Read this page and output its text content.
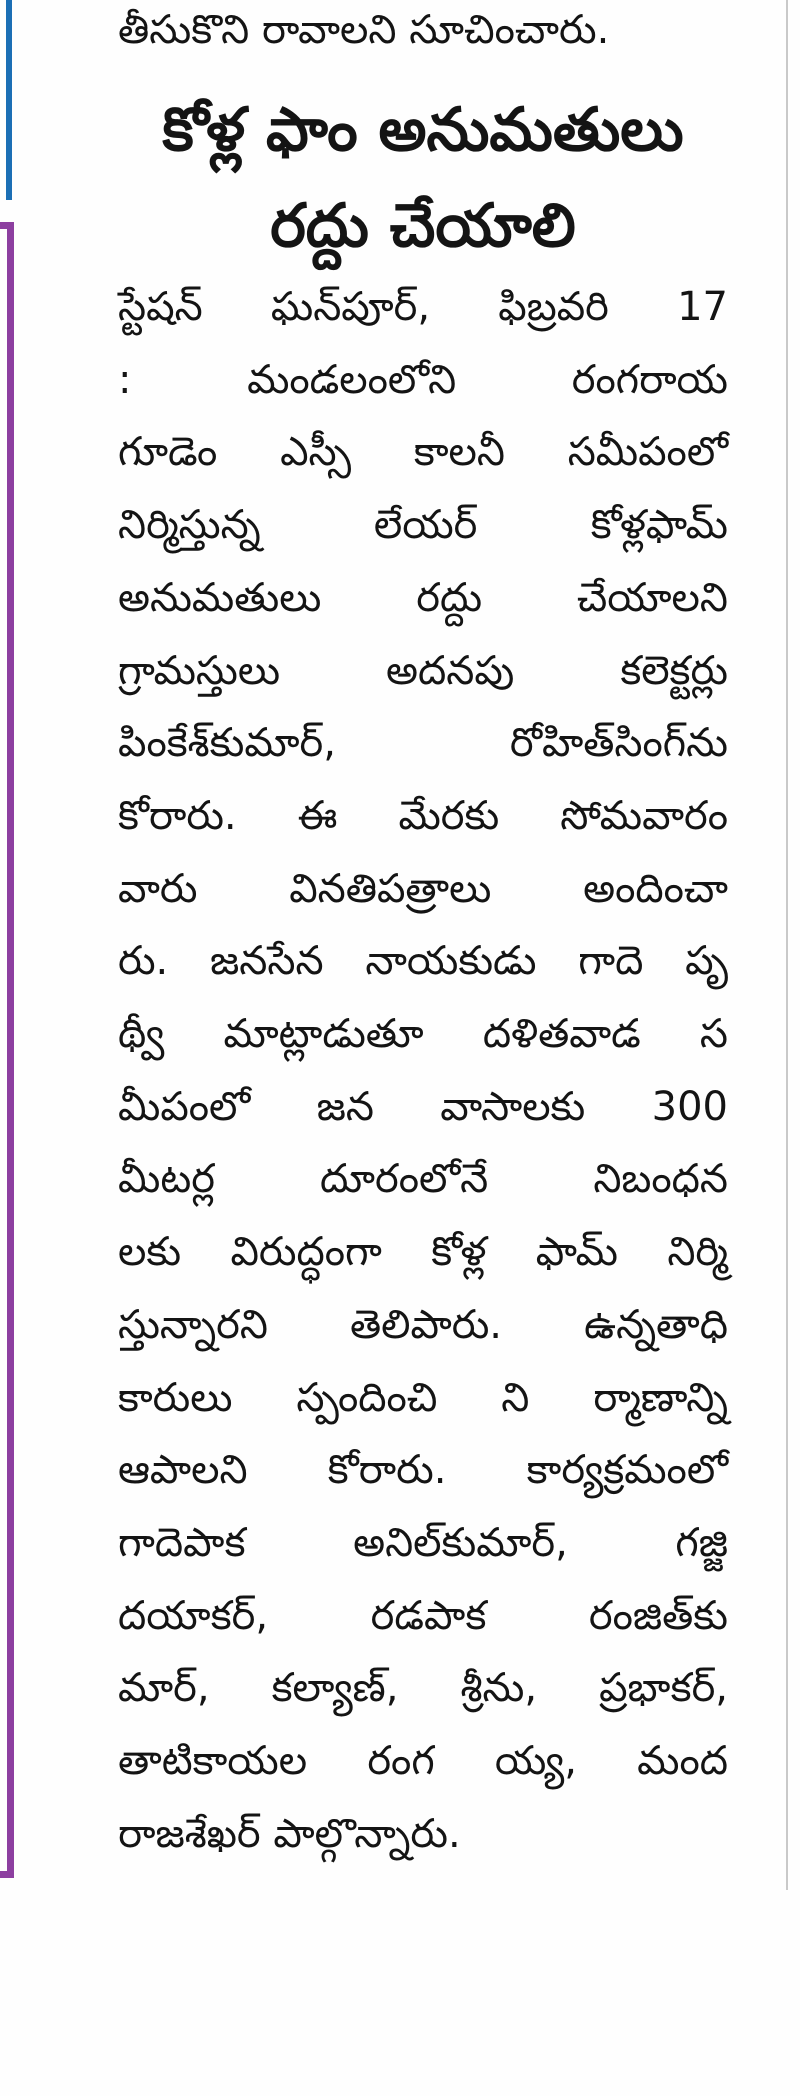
తీసుకొని రావాలని సూచించారు.
కోళ్ల ఫాం అనుమతులు
రద్దు చేయాలి
స్టేషన్ ఘన్‌పూర్, ఫిబ్రవరి 17
: మండలంలోని రంగరాయ
గూడెం ఎస్సీ కాలనీ సమీపంలో
నిర్మిస్తున్న లేయర్ కోళ్లఫామ్
అనుమతులు రద్దు చేయాలని
గ్రామస్తులు అదనపు కలెక్టర్లు
పింకేశ్‌కుమార్, రోహిత్‌సింగ్‌ను
కోరారు. ఈ మేరకు సోమవారం
వారు వినతిపత్రాలు అందించా
రు. జనసేన నాయకుడు గాదె పృ
థ్వీ మాట్లాడుతూ దళితవాడ స
మీపంలో జన వాసాలకు 300
మీటర్ల దూరంలోనే నిబంధన
లకు విరుద్ధంగా కోళ్ల ఫామ్ నిర్మి
స్తున్నారని తెలిపారు. ఉన్నతాధి
కారులు స్పందించి ని ర్మాణాన్ని
ఆపాలని కోరారు. కార్యక్రమంలో
గాదెపాక అనిల్‌కుమార్, గజ్జి
దయాకర్, రడపాక రంజిత్‌కు
మార్, కల్యాణ్, శ్రీను, ప్రభాకర్,
తాటికాయల రంగ య్య, మంద
రాజశేఖర్ పాల్గొన్నారు.
